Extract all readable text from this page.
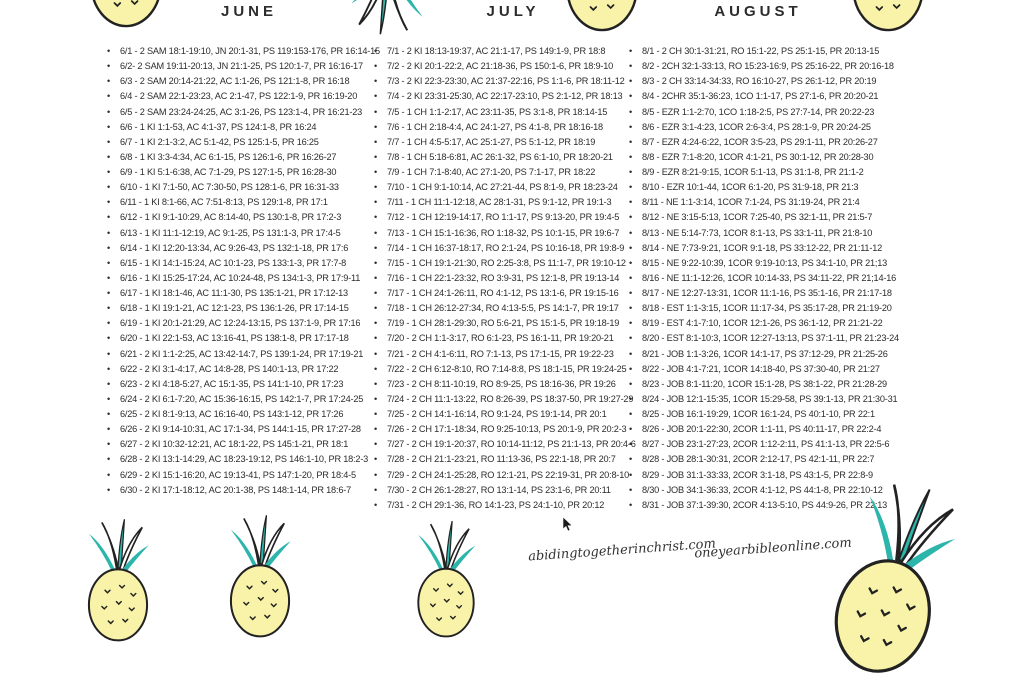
JUNE	JULY	AUGUST
• 6/1 - 2 SAM 18:1-19:10, JN 20:1-31, PS 119:153-176, PR 16:14-15
• 6/2- 2 SAM 19:11-20:13, JN 21:1-25, PS 120:1-7, PR 16:16-17
• 6/3 - 2 SAM 20:14-21:22, AC 1:1-26, PS 121:1-8, PR 16:18
• 6/4 - 2 SAM 22:1-23:23, AC 2:1-47, PS 122:1-9, PR 16:19-20
• 6/5 - 2 SAM 23:24-24:25, AC 3:1-26, PS 123:1-4, PR 16:21-23
• 6/6 - 1 KI 1:1-53, AC 4:1-37, PS 124:1-8, PR 16:24
• 6/7 - 1 KI 2:1-3:2, AC 5:1-42, PS 125:1-5, PR 16:25
• 6/8 - 1 KI 3:3-4:34, AC 6:1-15, PS 126:1-6, PR 16:26-27
• 6/9 - 1 KI 5:1-6:38, AC 7:1-29, PS 127:1-5, PR 16:28-30
• 6/10 - 1 KI 7:1-50, AC 7:30-50, PS 128:1-6, PR 16:31-33
• 6/11 - 1 KI 8:1-66, AC 7:51-8:13, PS 129:1-8, PR 17:1
• 6/12 - 1 KI 9:1-10:29, AC 8:14-40, PS 130:1-8, PR 17:2-3
• 6/13 - 1 KI 11:1-12:19, AC 9:1-25, PS 131:1-3, PR 17:4-5
• 6/14 - 1 KI 12:20-13:34, AC 9:26-43, PS 132:1-18, PR 17:6
• 6/15 - 1 KI 14:1-15:24, AC 10:1-23, PS 133:1-3, PR 17:7-8
• 6/16 - 1 KI 15:25-17:24, AC 10:24-48, PS 134:1-3, PR 17:9-11
• 6/17 - 1 KI 18:1-46, AC 11:1-30, PS 135:1-21, PR 17:12-13
• 6/18 - 1 KI 19:1-21, AC 12:1-23, PS 136:1-26, PR 17:14-15
• 6/19 - 1 KI 20:1-21:29, AC 12:24-13:15, PS 137:1-9, PR 17:16
• 6/20 - 1 KI 22:1-53, AC 13:16-41, PS 138:1-8, PR 17:17-18
• 6/21 - 2 KI 1:1-2:25, AC 13:42-14:7, PS 139:1-24, PR 17:19-21
• 6/22 - 2 KI 3:1-4:17, AC 14:8-28, PS 140:1-13, PR 17:22
• 6/23 - 2 KI 4:18-5:27, AC 15:1-35, PS 141:1-10, PR 17:23
• 6/24 - 2 KI 6:1-7:20, AC 15:36-16:15, PS 142:1-7, PR 17:24-25
• 6/25 - 2 KI 8:1-9:13, AC 16:16-40, PS 143:1-12, PR 17:26
• 6/26 - 2 KI 9:14-10:31, AC 17:1-34, PS 144:1-15, PR 17:27-28
• 6/27 - 2 KI 10:32-12:21, AC 18:1-22, PS 145:1-21, PR 18:1
• 6/28 - 2 KI 13:1-14:29, AC 18:23-19:12, PS 146:1-10, PR 18:2-3
• 6/29 - 2 KI 15:1-16:20, AC 19:13-41, PS 147:1-20, PR 18:4-5
• 6/30 - 2 KI 17:1-18:12, AC 20:1-38, PS 148:1-14, PR 18:6-7
• 7/1 - 2 KI 18:13-19:37, AC 21:1-17, PS 149:1-9, PR 18:8
• 7/2 - 2 KI 20:1-22:2, AC 21:18-36, PS 150:1-6, PR 18:9-10
• 7/3 - 2 KI 22:3-23:30, AC 21:37-22:16, PS 1:1-6, PR 18:11-12
• 7/4 - 2 KI 23:31-25:30, AC 22:17-23:10, PS 2:1-12, PR 18:13
• 7/5 - 1 CH 1:1-2:17, AC 23:11-35, PS 3:1-8, PR 18:14-15
• 7/6 - 1 CH 2:18-4:4, AC 24:1-27, PS 4:1-8, PR 18:16-18
• 7/7 - 1 CH 4:5-5:17, AC 25:1-27, PS 5:1-12, PR 18:19
• 7/8 - 1 CH 5:18-6:81, AC 26:1-32, PS 6:1-10, PR 18:20-21
• 7/9 - 1 CH 7:1-8:40, AC 27:1-20, PS 7:1-17, PR 18:22
• 7/10 - 1 CH 9:1-10:14, AC 27:21-44, PS 8:1-9, PR 18:23-24
• 7/11 - 1 CH 11:1-12:18, AC 28:1-31, PS 9:1-12, PR 19:1-3
• 7/12 - 1 CH 12:19-14:17, RO 1:1-17, PS 9:13-20, PR 19:4-5
• 7/13 - 1 CH 15:1-16:36, RO 1:18-32, PS 10:1-15, PR 19:6-7
• 7/14 - 1 CH 16:37-18:17, RO 2:1-24, PS 10:16-18, PR 19:8-9
• 7/15 - 1 CH 19:1-21:30, RO 2:25-3:8, PS 11:1-7, PR 19:10-12
• 7/16 - 1 CH 22:1-23:32, RO 3:9-31, PS 12:1-8, PR 19:13-14
• 7/17 - 1 CH 24:1-26:11, RO 4:1-12, PS 13:1-6, PR 19:15-16
• 7/18 - 1 CH 26:12-27:34, RO 4:13-5:5, PS 14:1-7, PR 19:17
• 7/19 - 1 CH 28:1-29:30, RO 5:6-21, PS 15:1-5, PR 19:18-19
• 7/20 - 2 CH 1:1-3:17, RO 6:1-23, PS 16:1-11, PR 19:20-21
• 7/21 - 2 CH 4:1-6:11, RO 7:1-13, PS 17:1-15, PR 19:22-23
• 7/22 - 2 CH 6:12-8:10, RO 7:14-8:8, PS 18:1-15, PR 19:24-25
• 7/23 - 2 CH 8:11-10:19, RO 8:9-25, PS 18:16-36, PR 19:26
• 7/24 - 2 CH 11:1-13:22, RO 8:26-39, PS 18:37-50, PR 19:27-29
• 7/25 - 2 CH 14:1-16:14, RO 9:1-24, PS 19:1-14, PR 20:1
• 7/26 - 2 CH 17:1-18:34, RO 9:25-10:13, PS 20:1-9, PR 20:2-3
• 7/27 - 2 CH 19:1-20:37, RO 10:14-11:12, PS 21:1-13, PR 20:4-6
• 7/28 - 2 CH 21:1-23:21, RO 11:13-36, PS 22:1-18, PR 20:7
• 7/29 - 2 CH 24:1-25:28, RO 12:1-21, PS 22:19-31, PR 20:8-10
• 7/30 - 2 CH 26:1-28:27, RO 13:1-14, PS 23:1-6, PR 20:11
• 7/31 - 2 CH 29:1-36, RO 14:1-23, PS 24:1-10, PR 20:12
• 8/1 - 2 CH 30:1-31:21, RO 15:1-22, PS 25:1-15, PR 20:13-15
• 8/2 - 2CH 32:1-33:13, RO 15:23-16:9, PS 25:16-22, PR 20:16-18
• 8/3 - 2 CH 33:14-34:33, RO 16:10-27, PS 26:1-12, PR 20:19
• 8/4 - 2CHR 35:1-36:23, 1CO 1:1-17, PS 27:1-6, PR 20:20-21
• 8/5 - EZR 1:1-2:70, 1CO 1:18-2:5, PS 27:7-14, PR 20:22-23
• 8/6 - EZR 3:1-4:23, 1COR 2:6-3:4, PS 28:1-9, PR 20:24-25
• 8/7 - EZR 4:24-6:22, 1COR 3:5-23, PS 29:1-11, PR 20:26-27
• 8/8 - EZR 7:1-8:20, 1COR 4:1-21, PS 30:1-12, PR 20:28-30
• 8/9 - EZR 8:21-9:15, 1COR 5:1-13, PS 31:1-8, PR 21:1-2
• 8/10 - EZR 10:1-44, 1COR 6:1-20, PS 31:9-18, PR 21:3
• 8/11 - NE 1:1-3:14, 1COR 7:1-24, PS 31:19-24, PR 21:4
• 8/12 - NE 3:15-5:13, 1COR 7:25-40, PS 32:1-11, PR 21:5-7
• 8/13 - NE 5:14-7:73, 1COR 8:1-13, PS 33:1-11, PR 21:8-10
• 8/14 - NE 7:73-9:21, 1COR 9:1-18, PS 33:12-22, PR 21:11-12
• 8/15 - NE 9:22-10:39, 1COR 9:19-10:13, PS 34:1-10, PR 21;13
• 8/16 - NE 11:1-12:26, 1COR 10:14-33, PS 34:11-22, PR 21;14-16
• 8/17 - NE 12:27-13:31, 1COR 11:1-16, PS 35:1-16, PR 21:17-18
• 8/18 - EST 1:1-3:15, 1COR 11:17-34, PS 35:17-28, PR 21:19-20
• 8/19 - EST 4:1-7:10, 1COR 12:1-26, PS 36:1-12, PR 21:21-22
• 8/20 - EST 8:1-10:3, 1COR 12:27-13:13, PS 37:1-11, PR 21:23-24
• 8/21 - JOB 1:1-3:26, 1COR 14:1-17, PS 37:12-29, PR 21:25-26
• 8/22 - JOB 4:1-7:21, 1COR 14:18-40, PS 37:30-40, PR 21:27
• 8/23 - JOB 8:1-11:20, 1COR 15:1-28, PS 38:1-22, PR 21:28-29
• 8/24 - JOB 12:1-15:35, 1COR 15:29-58, PS 39:1-13, PR 21:30-31
• 8/25 - JOB 16:1-19:29, 1COR 16:1-24, PS 40:1-10, PR 22:1
• 8/26 - JOB 20:1-22:30, 2COR 1:1-11, PS 40:11-17, PR 22:2-4
• 8/27 - JOB 23:1-27:23, 2COR 1:12-2:11, PS 41:1-13, PR 22:5-6
• 8/28 - JOB 28:1-30:31, 2COR 2:12-17, PS 42:1-11, PR 22:7
• 8/29 - JOB 31:1-33:33, 2COR 3:1-18, PS 43:1-5, PR 22:8-9
• 8/30 - JOB 34:1-36:33, 2COR 4:1-12, PS 44:1-8, PR 22:10-12
• 8/31 - JOB 37:1-39:30, 2COR 4:13-5:10, PS 44:9-26, PR 22:13
abidingtogetherinchrist.com
oneyearbibleonline.com
